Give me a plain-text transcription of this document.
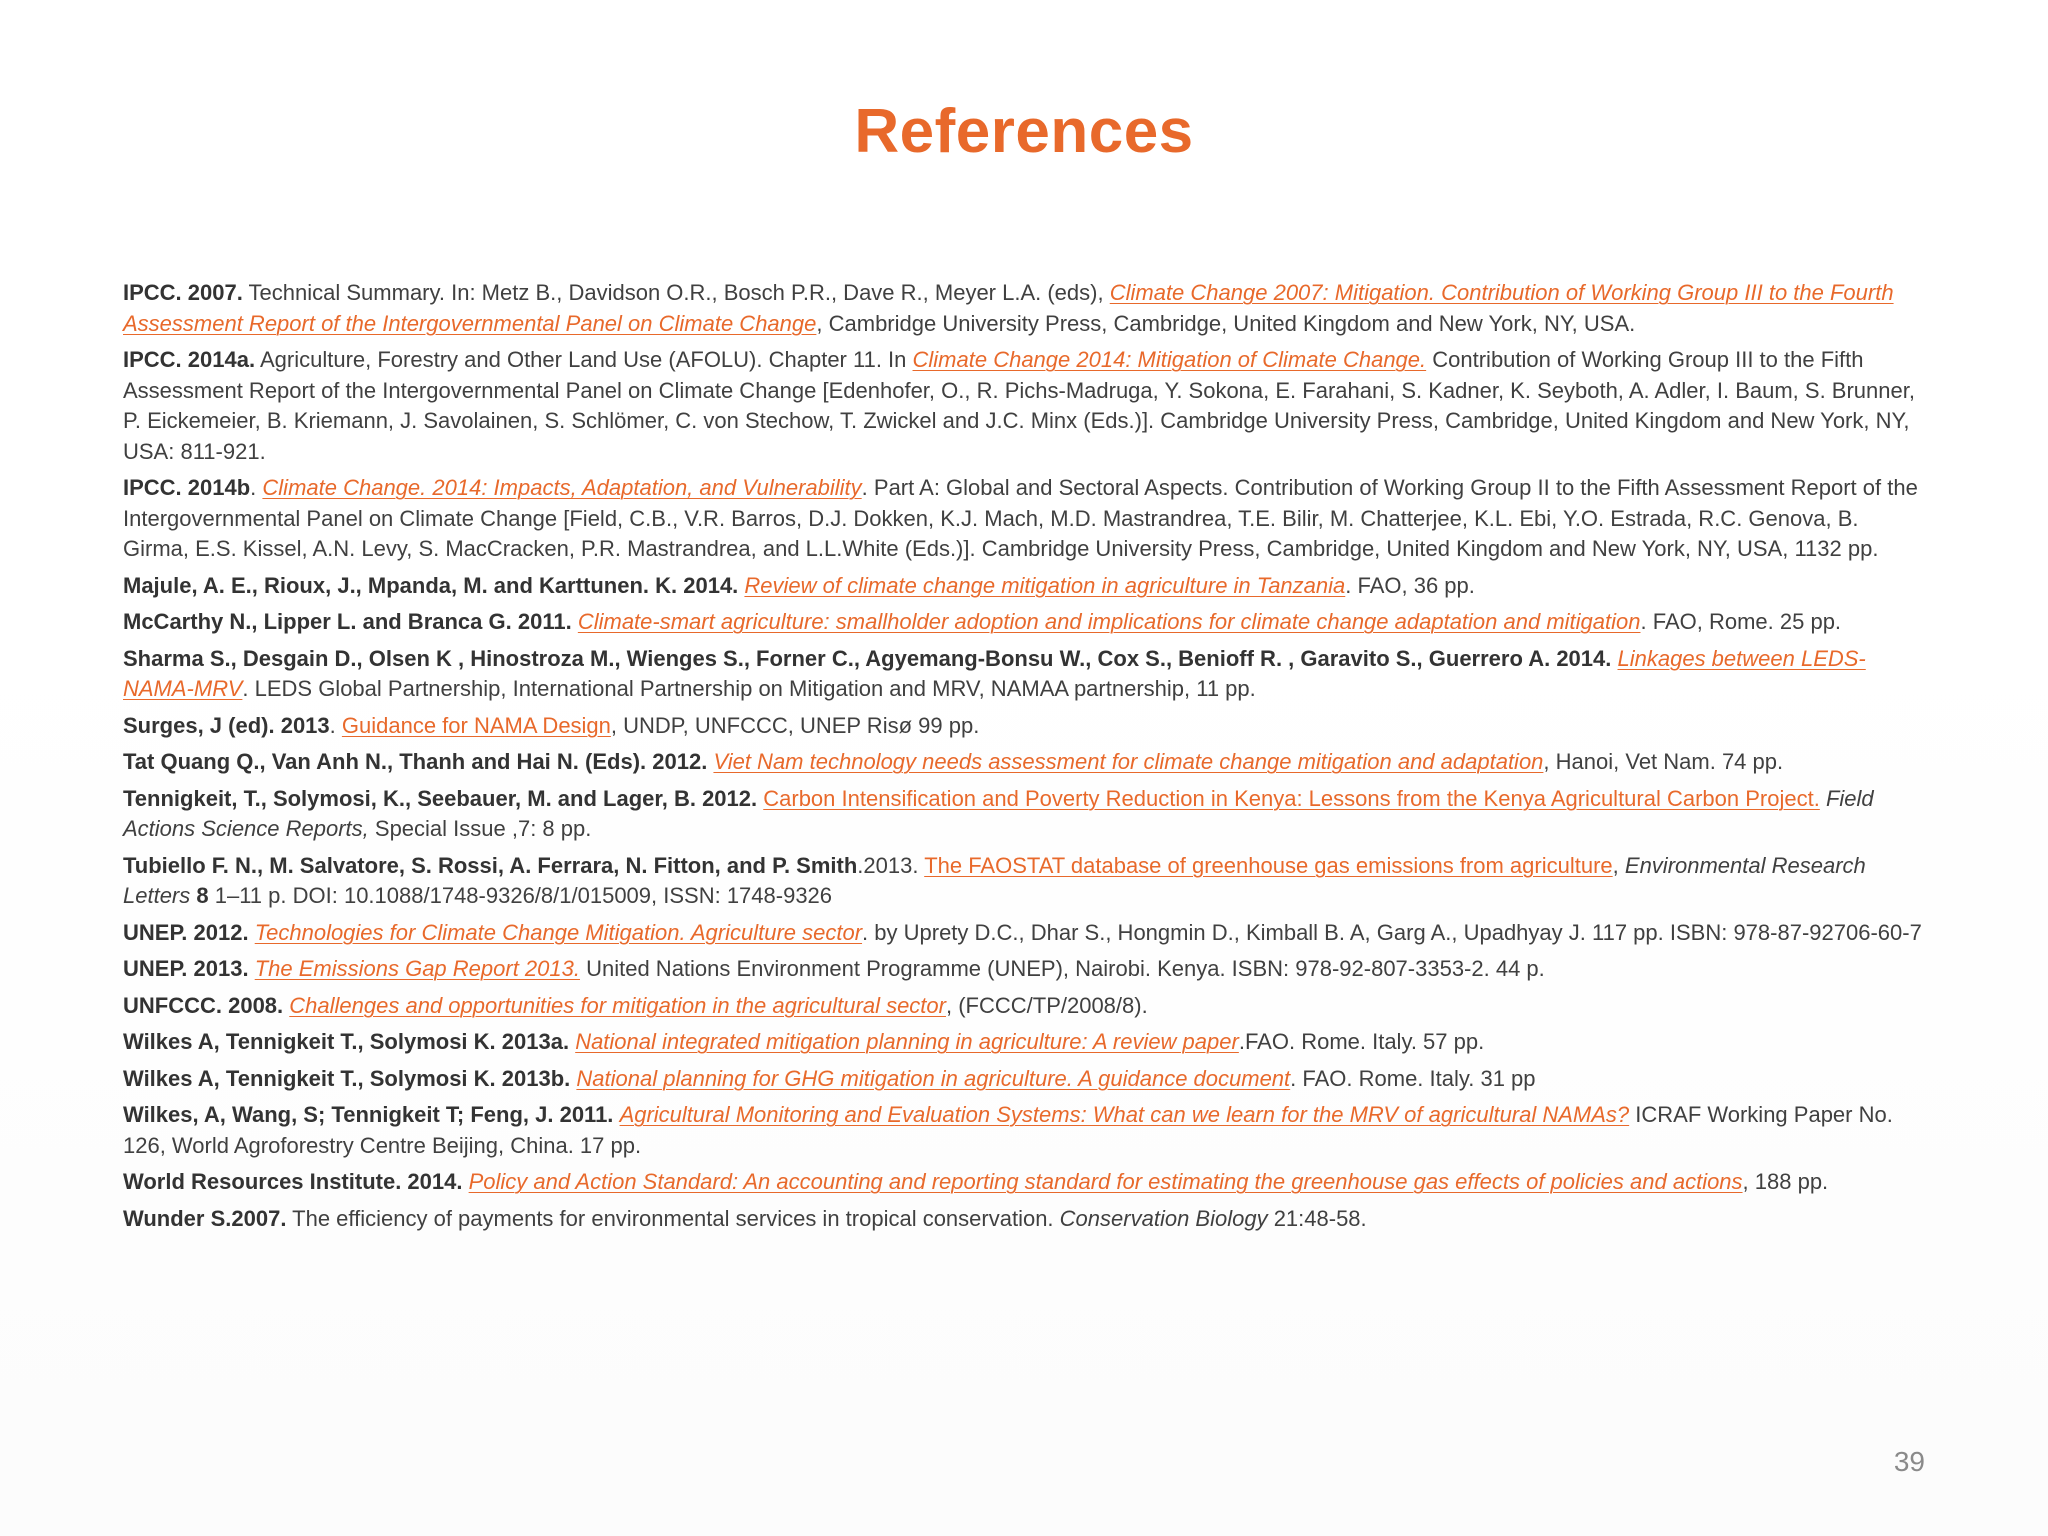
References

IPCC. 2007. Technical Summary. In: Metz B., Davidson O.R., Bosch P.R., Dave R., Meyer L.A. (eds), Climate Change 2007: Mitigation. Contribution of Working Group III to the Fourth Assessment Report of the Intergovernmental Panel on Climate Change, Cambridge University Press, Cambridge, United Kingdom and New York, NY, USA.

IPCC. 2014a. Agriculture, Forestry and Other Land Use (AFOLU). Chapter 11. In Climate Change 2014: Mitigation of Climate Change. Contribution of Working Group III to the Fifth Assessment Report of the Intergovernmental Panel on Climate Change [Edenhofer, O., R. Pichs-Madruga, Y. Sokona, E. Farahani, S. Kadner, K. Seyboth, A. Adler, I. Baum, S. Brunner, P. Eickemeier, B. Kriemann, J. Savolainen, S. Schlömer, C. von Stechow, T. Zwickel and J.C. Minx (Eds.)]. Cambridge University Press, Cambridge, United Kingdom and New York, NY, USA: 811-921.

IPCC. 2014b. Climate Change. 2014: Impacts, Adaptation, and Vulnerability. Part A: Global and Sectoral Aspects. Contribution of Working Group II to the Fifth Assessment Report of the Intergovernmental Panel on Climate Change [Field, C.B., V.R. Barros, D.J. Dokken, K.J. Mach, M.D. Mastrandrea, T.E. Bilir, M. Chatterjee, K.L. Ebi, Y.O. Estrada, R.C. Genova, B. Girma, E.S. Kissel, A.N. Levy, S. MacCracken, P.R. Mastrandrea, and L.L.White (Eds.)]. Cambridge University Press, Cambridge, United Kingdom and New York, NY, USA, 1132 pp.

Majule, A. E., Rioux, J., Mpanda, M. and Karttunen. K. 2014. Review of climate change mitigation in agriculture in Tanzania. FAO, 36 pp.

McCarthy N., Lipper L. and Branca G. 2011. Climate-smart agriculture: smallholder adoption and implications for climate change adaptation and mitigation. FAO, Rome. 25 pp.

Sharma S., Desgain D., Olsen K , Hinostroza M., Wienges S., Forner C., Agyemang-Bonsu W., Cox S., Benioff R. , Garavito S., Guerrero A. 2014. Linkages between LEDS-NAMA-MRV. LEDS Global Partnership, International Partnership on Mitigation and MRV, NAMAA partnership, 11 pp.

Surges, J (ed). 2013. Guidance for NAMA Design, UNDP, UNFCCC, UNEP Risø 99 pp.

Tat Quang Q., Van Anh N., Thanh and Hai N. (Eds). 2012. Viet Nam technology needs assessment for climate change mitigation and adaptation, Hanoi, Vet Nam. 74 pp.

Tennigkeit, T., Solymosi, K., Seebauer, M. and Lager, B. 2012. Carbon Intensification and Poverty Reduction in Kenya: Lessons from the Kenya Agricultural Carbon Project. Field Actions Science Reports, Special Issue ,7: 8 pp.

Tubiello F. N., M. Salvatore, S. Rossi, A. Ferrara, N. Fitton, and P. Smith.2013. The FAOSTAT database of greenhouse gas emissions from agriculture, Environmental Research Letters 8 1–11 p. DOI: 10.1088/1748-9326/8/1/015009, ISSN: 1748-9326

UNEP. 2012. Technologies for Climate Change Mitigation. Agriculture sector. by Uprety D.C., Dhar S., Hongmin D., Kimball B. A, Garg A., Upadhyay J. 117 pp. ISBN: 978-87-92706-60-7

UNEP. 2013. The Emissions Gap Report 2013. United Nations Environment Programme (UNEP), Nairobi. Kenya. ISBN: 978-92-807-3353-2. 44 p.

UNFCCC. 2008. Challenges and opportunities for mitigation in the agricultural sector, (FCCC/TP/2008/8).

Wilkes A, Tennigkeit T., Solymosi K. 2013a. National integrated mitigation planning in agriculture: A review paper.FAO. Rome. Italy. 57 pp.

Wilkes A, Tennigkeit T., Solymosi K. 2013b. National planning for GHG mitigation in agriculture. A guidance document. FAO. Rome. Italy. 31 pp

Wilkes, A, Wang, S; Tennigkeit T; Feng, J. 2011. Agricultural Monitoring and Evaluation Systems: What can we learn for the MRV of agricultural NAMAs? ICRAF Working Paper No. 126, World Agroforestry Centre Beijing, China. 17 pp.

World Resources Institute. 2014. Policy and Action Standard: An accounting and reporting standard for estimating the greenhouse gas effects of policies and actions, 188 pp.

Wunder S.2007. The efficiency of payments for environmental services in tropical conservation. Conservation Biology 21:48-58.

39
